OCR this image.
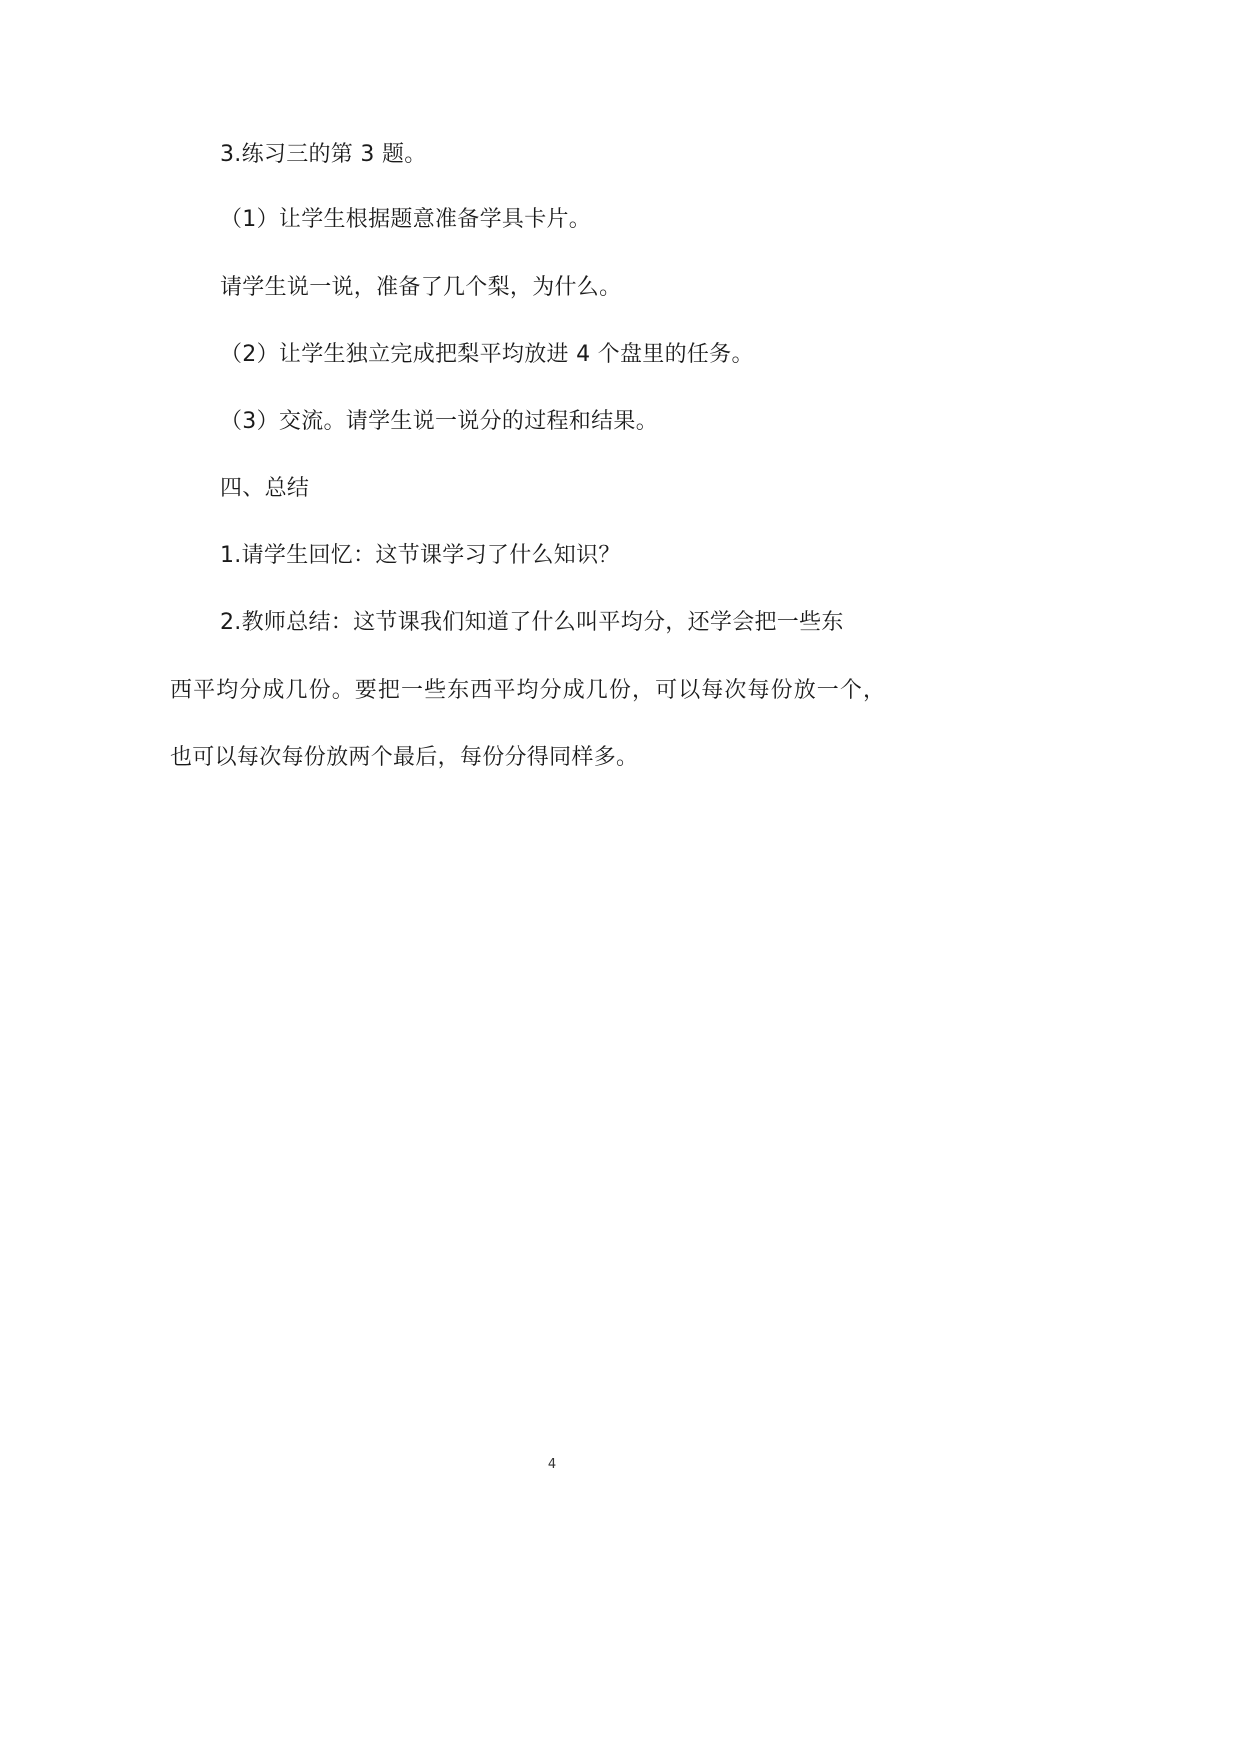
3.练习三的第 3 题。
（1）让学生根据题意准备学具卡片。
请学生说一说，准备了几个梨，为什么。
（2）让学生独立完成把梨平均放进 4 个盘里的任务。
（3）交流。请学生说一说分的过程和结果。
四、总结
1.请学生回忆：这节课学习了什么知识？
2.教师总结：这节课我们知道了什么叫平均分，还学会把一些东
西平均分成几份。要把一些东西平均分成几份，可以每次每份放一个，
也可以每次每份放两个最后，每份分得同样多。
4
